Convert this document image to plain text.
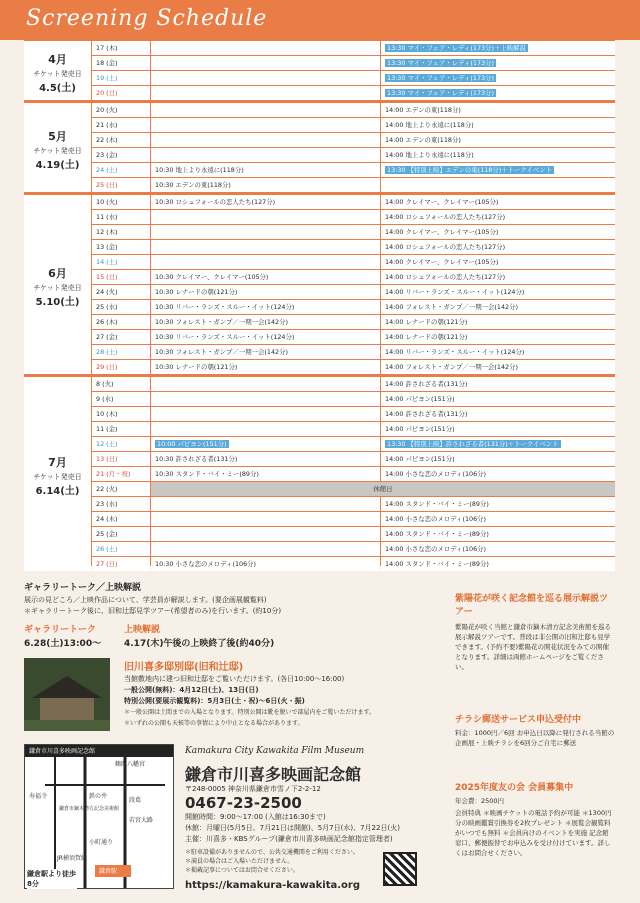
Screening Schedule
4月
チケット発売日
4.5(土)
17 (木)	13:30 マイ・フェア・レディ(173分)＋上映解説
18 (金)	13:30 マイ・フェア・レディ(173分)
19 (土)	13:30 マイ・フェア・レディ(173分)
20 (日)	13:30 マイ・フェア・レディ(173分)
5月
チケット発売日
4.19(土)
20 (火)	14:00 エデンの東(118分)
21 (水)	14:00 地上より永遠に(118分)
22 (木)	14:00 エデンの東(118分)
23 (金)	14:00 地上より永遠に(118分)
24 (土)	10:30 地上より永遠に(118分)	13:30 【特別上映】エデンの東(118分)＋トークイベント
25 (日)	10:30 エデンの東(118分)
6月
チケット発売日
5.10(土)
10 (火)	10:30 ロシュフォールの恋人たち(127分)	14:00 クレイマー、クレイマー(105分)
11 (水)	14:00 ロシュフォールの恋人たち(127分)
12 (木)	14:00 クレイマー、クレイマー(105分)
13 (金)	14:00 ロシュフォールの恋人たち(127分)
14 (土)	14:00 クレイマー、クレイマー(105分)
15 (日)	10:30 クレイマー、クレイマー(105分)	14:00 ロシュフォールの恋人たち(127分)
24 (火)	10:30 レナードの朝(121分)	14:00 リバー・ランズ・スルー・イット(124分)
25 (水)	10:30 リバー・ランズ・スルー・イット(124分)	14:00 フォレスト・ガンプ／一期一会(142分)
26 (木)	10:30 フォレスト・ガンプ／一期一会(142分)	14:00 レナードの朝(121分)
27 (金)	10:30 リバー・ランズ・スルー・イット(124分)	14:00 レナードの朝(121分)
28 (土)	10:30 フォレスト・ガンプ／一期一会(142分)	14:00 リバー・ランズ・スルー・イット(124分)
29 (日)	10:30 レナードの朝(121分)	14:00 フォレスト・ガンプ／一期一会(142分)
7月
チケット発売日
6.14(土)
8 (火)	14:00 許されざる者(131分)
9 (水)	14:00 パピヨン(151分)
10 (木)	14:00 許されざる者(131分)
11 (金)	14:00 パピヨン(151分)
12 (土)	10:00 パピヨン(151分)	13:30 【特別上映】許されざる者(131分)＋トークイベント
13 (日)	10:30 許されざる者(131分)	14:00 パピヨン(151分)
21 (月・祝)	10:30 スタンド・バイ・ミー(89分)	14:00 小さな恋のメロディ(106分)
22 (火)	休館日
23 (水)	14:00 スタンド・バイ・ミー(89分)
24 (木)	14:00 小さな恋のメロディ(106分)
25 (金)	14:00 スタンド・バイ・ミー(89分)
26 (土)	14:00 小さな恋のメロディ(106分)
27 (日)	10:30 小さな恋のメロディ(106分)	14:00 スタンド・バイ・ミー(89分)
ギャラリートーク／上映解説
展示の見どころ／上映作品について、学芸員が解説します。(要企画展観覧料)
＊ギャラリートーク後に、旧和辻邸見学ツアー(希望者のみ)を行います。(約10分)
ギャラリートーク
6.28(土)13:00～
上映解説
4.17(木)午後の上映終了後(約40分)
旧川喜多邸別邸(旧和辻邸)
当館敷地内に建つ旧和辻邸をご覧いただけます。(各日10:00～16:00)
一般公開(無料)：4月12日(土)、13日(日)
特別公開(要展示観覧料)：5月3日(土・祝)～6日(火・振)
＊一般公開は土間までの入場となります。特別公開は靴を脱いで部屋内をご覧いただけます。
＊いずれの公開も天候等の事情により中止となる場合があります。
鎌倉市川喜多映画記念館
鶴岡八幡宮
寿福寺	鉄の井
鎌倉市鏑木清方記念美術館
若宮大路
小町通り
JR横須賀線
段葛
鎌倉駅
鎌倉駅より徒歩8分
Kamakura City Kawakita Film Museum
鎌倉市川喜多映画記念館
〒248-0005 神奈川県鎌倉市雪ノ下2-2-12
0467-23-2500
開館時間：9:00～17:00 (入館は16:30まで)
休館：月曜日(5月5日、7月21日は開館)、5月7日(水)、7月22日(火)
主催：川喜多・KBSグループ(鎌倉市川喜多映画記念館指定管理者)
＊駐車設備がありませんので、公共交通機関をご利用ください。
＊満員の場合はご入場いただけません。
＊掲載記事についてはお問合せください。
https://kamakura-kawakita.org
紫陽花が咲く記念館を巡る展示解説ツアー
紫陽花が咲く当館と鎌倉市鏑木清方記念美術館を巡る展示解説ツアーです。普段は非公開の旧和辻邸も見学できます。(予約不要)紫陽花の開花状況をみての開催となります。詳細は両館ホームページをご覧ください。
チラシ郵送サービス申込受付中
料金：1000円／6回 お申込日以降に発行される当館の企画展・上映チラシを6回分ご自宅に郵送
2025年度友の会 会員募集中
年会費：2500円
会員特典 ＊映画チケットの電話予約が可能 ＊1300円分の映画鑑賞引換券を2枚プレゼント ＊展覧会観覧料がいつでも無料 ＊会員向けのイベントを実施 記念館窓口、郵便振替でお申込みを受け付けています。詳しくはお問合せください。
